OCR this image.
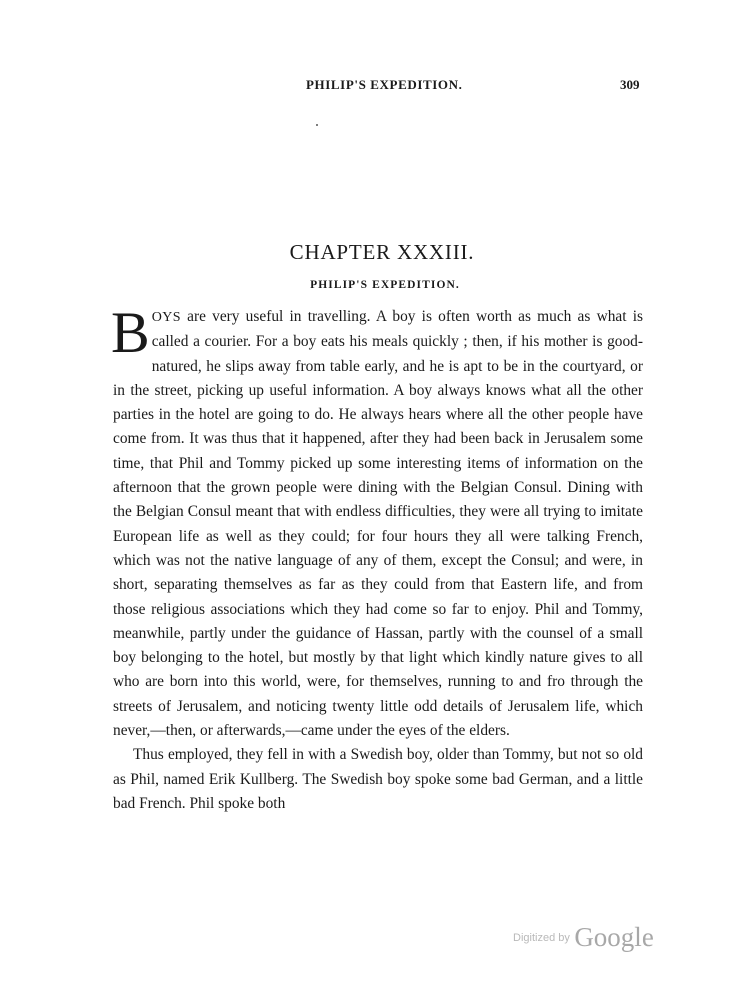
PHILIP'S EXPEDITION.	309
CHAPTER XXXIII.
PHILIP'S EXPEDITION.

BOYS are very useful in travelling. A boy is often worth as much as what is called a courier. For a boy eats his meals quickly ; then, if his mother is good-natured, he slips away from table early, and he is apt to be in the courtyard, or in the street, picking up useful information. A boy always knows what all the other parties in the hotel are going to do. He always hears where all the other people have come from. It was thus that it happened, after they had been back in Jerusalem some time, that Phil and Tommy picked up some interesting items of information on the afternoon that the grown people were dining with the Belgian Consul. Dining with the Belgian Consul meant that with endless difficulties, they were all trying to imitate European life as well as they could; for four hours they all were talking French, which was not the native language of any of them, except the Consul; and were, in short, separating themselves as far as they could from that Eastern life, and from those religious associations which they had come so far to enjoy. Phil and Tommy, meanwhile, partly under the guidance of Hassan, partly with the counsel of a small boy belonging to the hotel, but mostly by that light which kindly nature gives to all who are born into this world, were, for themselves, running to and fro through the streets of Jerusalem, and noticing twenty little odd details of Jerusalem life, which never,—then, or afterwards,—came under the eyes of the elders.

Thus employed, they fell in with a Swedish boy, older than Tommy, but not so old as Phil, named Erik Kullberg. The Swedish boy spoke some bad German, and a little bad French. Phil spoke both

$^{Digitized by}$ Google
